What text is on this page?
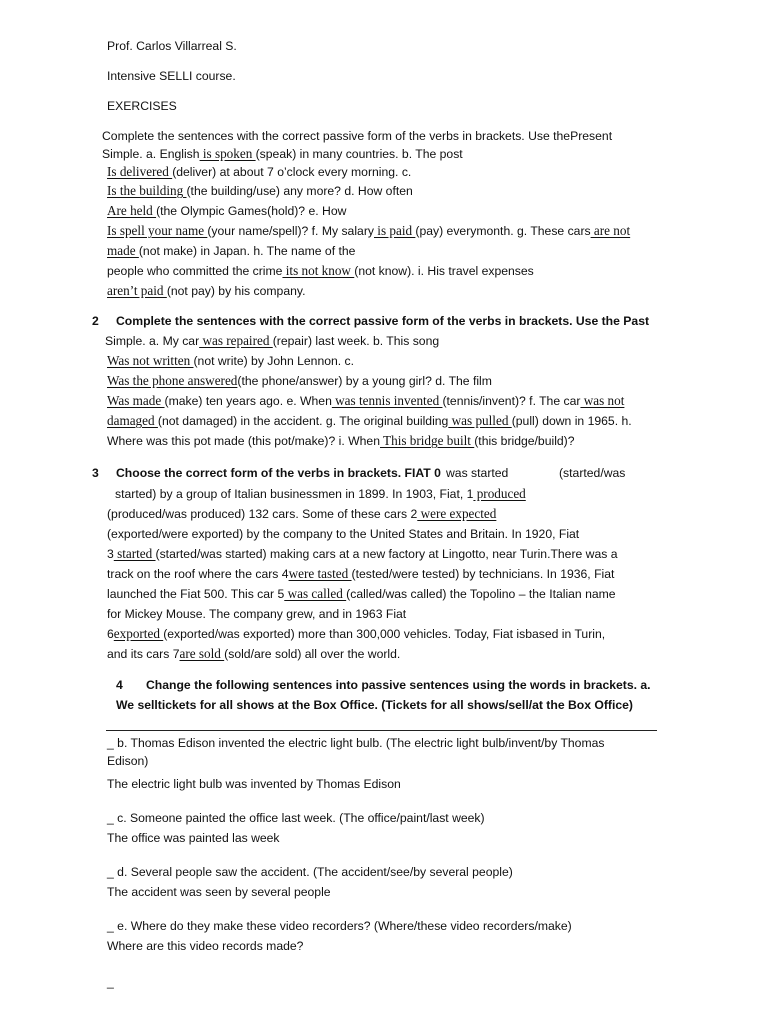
Prof. Carlos Villarreal S.
Intensive SELLI course.
EXERCISES
Complete the sentences with the correct passive form of the verbs in brackets. Use thePresent
Simple. a. English is spoken (speak) in many countries. b. The post
Is delivered (deliver) at about 7 o’clock every morning. c.
Is the building (the building/use) any more? d. How often
Are held (the Olympic Games(hold)? e. How
Is spell your name (your name/spell)? f. My salary is paid (pay) everymonth. g. These cars are not
made (not make) in Japan. h. The name of the
people who committed the crime its not know (not know). i. His travel expenses
aren’t paid (not pay) by his company.
2 Complete the sentences with the correct passive form of the verbs in brackets. Use the Past
Simple. a. My car was repaired (repair) last week. b. This song
Was not written (not write) by John Lennon. c.
Was the phone answered(the phone/answer) by a young girl? d. The film
Was made (make) ten years ago. e. When was tennis invented (tennis/invent)? f. The car was not
damaged (not damaged) in the accident. g. The original building was pulled (pull) down in 1965. h.
Where was this pot made (this pot/make)? i. When This bridge built (this bridge/build)?
3 Choose the correct form of the verbs in brackets. FIAT 0 was started	(started/was
started) by a group of Italian businessmen in 1899. In 1903, Fiat, 1 produced
(produced/was produced) 132 cars. Some of these cars 2 were expected
(exported/were exported) by the company to the United States and Britain. In 1920, Fiat
3 started (started/was started) making cars at a new factory at Lingotto, near Turin.There was a
track on the roof where the cars 4were tasted (tested/were tested) by technicians. In 1936, Fiat
launched the Fiat 500. This car 5 was called (called/was called) the Topolino – the Italian name
for Mickey Mouse. The company grew, and in 1963 Fiat
6exported (exported/was exported) more than 300,000 vehicles. Today, Fiat isbased in Turin,
and its cars 7are sold (sold/are sold) all over the world.
4 Change the following sentences into passive sentences using the words in brackets. a.
We selltickets for all shows at the Box Office. (Tickets for all shows/sell/at the Box Office)
_ b. Thomas Edison invented the electric light bulb. (The electric light bulb/invent/by Thomas
Edison)
The electric light bulb was invented by Thomas Edison
_ c. Someone painted the office last week. (The office/paint/last week)
The office was painted las week
_ d. Several people saw the accident. (The accident/see/by several people)
The accident was seen by several people
_ e. Where do they make these video recorders? (Where/these video recorders/make)
Where are this video records made?
_
